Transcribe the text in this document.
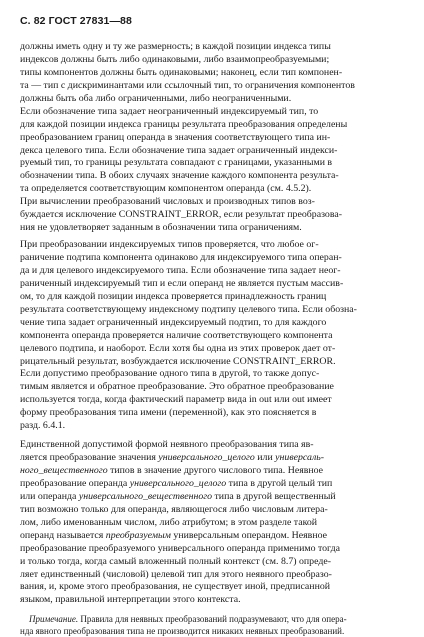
С. 82 ГОСТ 27831—88
должны иметь одну и ту же размерность; в каждой позиции индекса типы
индексов должны быть либо одинаковыми, либо взаимопреобразуемыми;
типы компонентов должны быть одинаковыми; наконец, если тип компонен-
та — тип с дискриминантами или ссылочный тип, то ограничения компонентов
должны быть оба либо ограниченными, либо неограниченными.
Если обозначение типа задает неограниченный индексируемый тип, то
для каждой позиции индекса границы результата преобразования определены
преобразованием границ операнда в значения соответствующего типа ин-
декса целевого типа. Если обозначение типа задает ограниченный индекси-
руемый тип, то границы результата совпадают с границами, указанными в
обозначении типа. В обоих случаях значение каждого компонента результа-
та определяется соответствующим компонентом операнда (см. 4.5.2).
При вычислении преобразований числовых и производных типов воз-
буждается исключение CONSTRAINT_ERROR, если результат преобразова-
ния не удовлетворяет заданным в обозначении типа ограничениям.
При преобразовании индексируемых типов проверяется, что любое ог-
раничение подтипа компонента одинаково для индексируемого типа операн-
да и для целевого индексируемого типа. Если обозначение типа задает неог-
раниченный индексируемый тип и если операнд не является пустым массив-
ом, то для каждой позиции индекса проверяется принадлежность границ
результата соответствующему индексному подтипу целевого типа. Если обозна-
чение типа задает ограниченный индексируемый подтип, то для каждого
компонента операнда проверяется наличие соответствующего компонента
целевого подтипа, и наоборот. Если хотя бы одна из этих проверок дает от-
рицательный результат, возбуждается исключение CONSTRAINT_ERROR.
Если допустимо преобразование одного типа в другой, то также допус-
тимым является и обратное преобразование. Это обратное преобразование
используется тогда, когда фактический параметр вида in out или out имеет
форму преобразования типа имени (переменной), как это поясняется в
разд. 6.4.1.
Единственной допустимой формой неявного преобразования типа яв-
ляется преобразование значения универсального_целого или универсаль-
ного_вещественного типов в значение другого числового типа. Неявное
преобразование операнда универсального_целого типа в другой целый тип
или операнда универсального_вещественного типа в другой вещественный
тип возможно только для операнда, являющегося либо числовым литера-
лом, либо именованным числом, либо атрибутом; в этом разделе такой
операнд называется преобразуемым универсальным операндом. Неявное
преобразование преобразуемого универсального операнда применимо тогда
и только тогда, когда самый вложенный полный контекст (см. 8.7) опреде-
ляет единственный (числовой) целевой тип для этого неявного преобразо-
вания, и, кроме этого преобразования, не существует иной, предписанной
языком, правильной интерпретации этого контекста.
Примечание. Правила для неявных преобразований подразумевают, что для опера-
нда явного преобразования типа не производится никаких неявных преобразований.
